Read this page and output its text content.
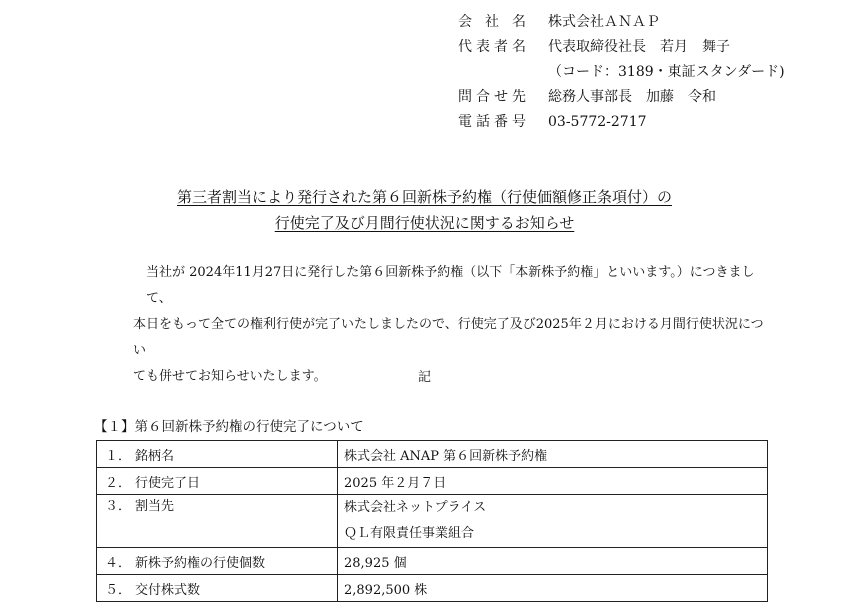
会 社 名 株式会社ＡＮＡＰ
代 表 者 名 代表取締役社長　若月　舞子
（コード：3189・東証スタンダード)
問 合 せ 先 総務人事部長　加藤　令和
電 話 番 号 03-5772-2717
第三者割当により発行された第６回新株予約権（行使価額修正条項付）の
行使完了及び月間行使状況に関するお知らせ
当社が 2024年11月27日に発行した第６回新株予約権（以下「本新株予約権」といいます。）につきまして、
本日をもって全ての権利行使が完了いたしましたので、行使完了及び2025年２月における月間行使状況につい
ても併せてお知らせいたします。	記
【１】第６回新株予約権の行使完了について
１． 銘柄名	株式会社 ANAP 第６回新株予約権
２． 行使完了日	2025 年２月７日
３． 割当先	株式会社ネットプライス
ＱＬ有限責任事業組合

４． 新株予約権の行使個数	28,925 個
５． 交付株式数	2,892,500 株
